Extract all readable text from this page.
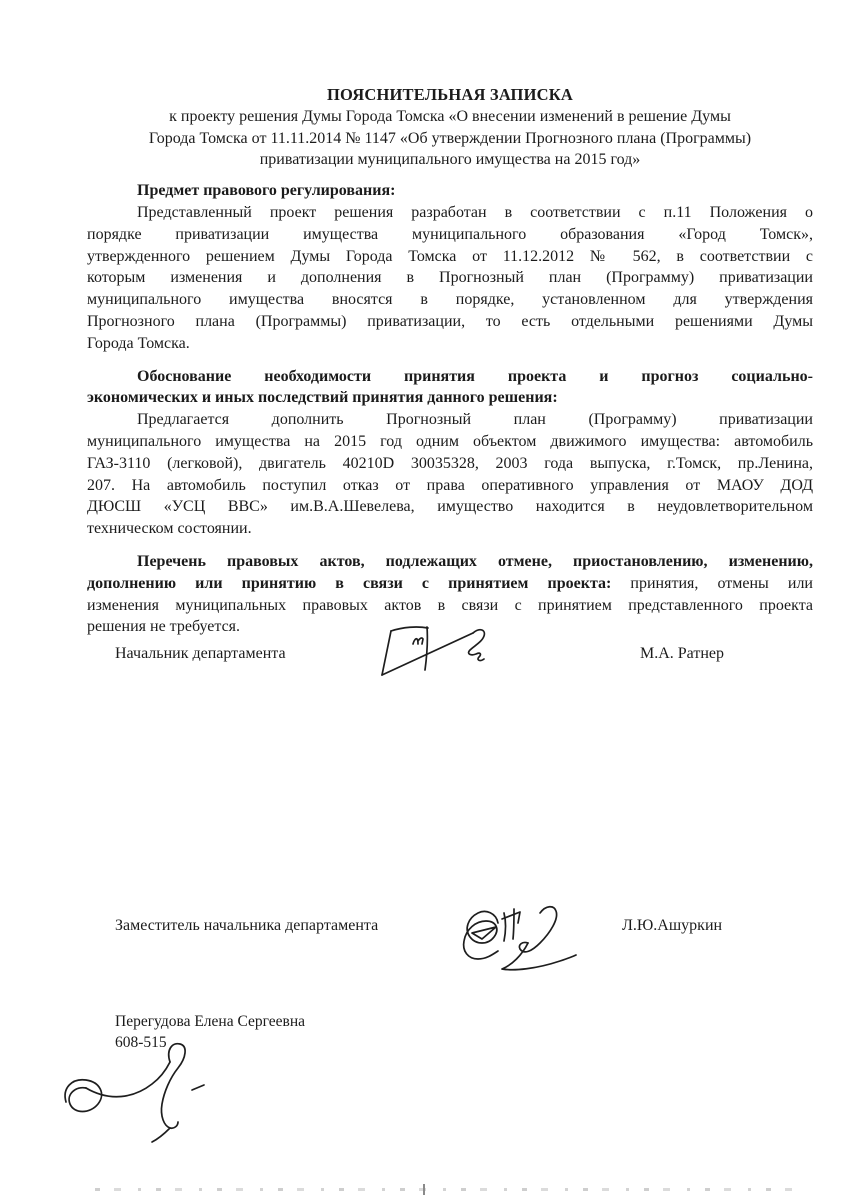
ПОЯСНИТЕЛЬНАЯ ЗАПИСКА
к проекту решения Думы Города Томска «О внесении изменений в решение Думы
Города Томска от 11.11.2014 № 1147 «Об утверждении Прогнозного плана (Программы)
приватизации муниципального имущества на 2015 год»
Предмет правового регулирования:
Представленный проект решения разработан в соответствии с п.11 Положения о
порядке приватизации имущества муниципального образования «Город Томск»,
утвержденного решением Думы Города Томска от 11.12.2012 № 562, в соответствии с
которым изменения и дополнения в Прогнозный план (Программу) приватизации
муниципального имущества вносятся в порядке, установленном для утверждения
Прогнозного плана (Программы) приватизации, то есть отдельными решениями Думы
Города Томска.
Обоснование необходимости принятия проекта и прогноз социально-
экономических и иных последствий принятия данного решения:
Предлагается дополнить Прогнозный план (Программу) приватизации
муниципального имущества на 2015 год одним объектом движимого имущества: автомобиль
ГАЗ-3110 (легковой), двигатель 40210D 30035328, 2003 года выпуска, г.Томск, пр.Ленина,
207. На автомобиль поступил отказ от права оперативного управления от МАОУ ДОД
ДЮСШ «УСЦ ВВС» им.В.А.Шевелева, имущество находится в неудовлетворительном
техническом состоянии.
Перечень правовых актов, подлежащих отмене, приостановлению, изменению,
дополнению или принятию в связи с принятием проекта: принятия, отмены или
изменения муниципальных правовых актов в связи с принятием представленного проекта
решения не требуется.
Начальник департамента	М.А. Ратнер
Заместитель начальника департамента	Л.Ю.Ашуркин
Перегудова Елена Сергеевна
608-515
